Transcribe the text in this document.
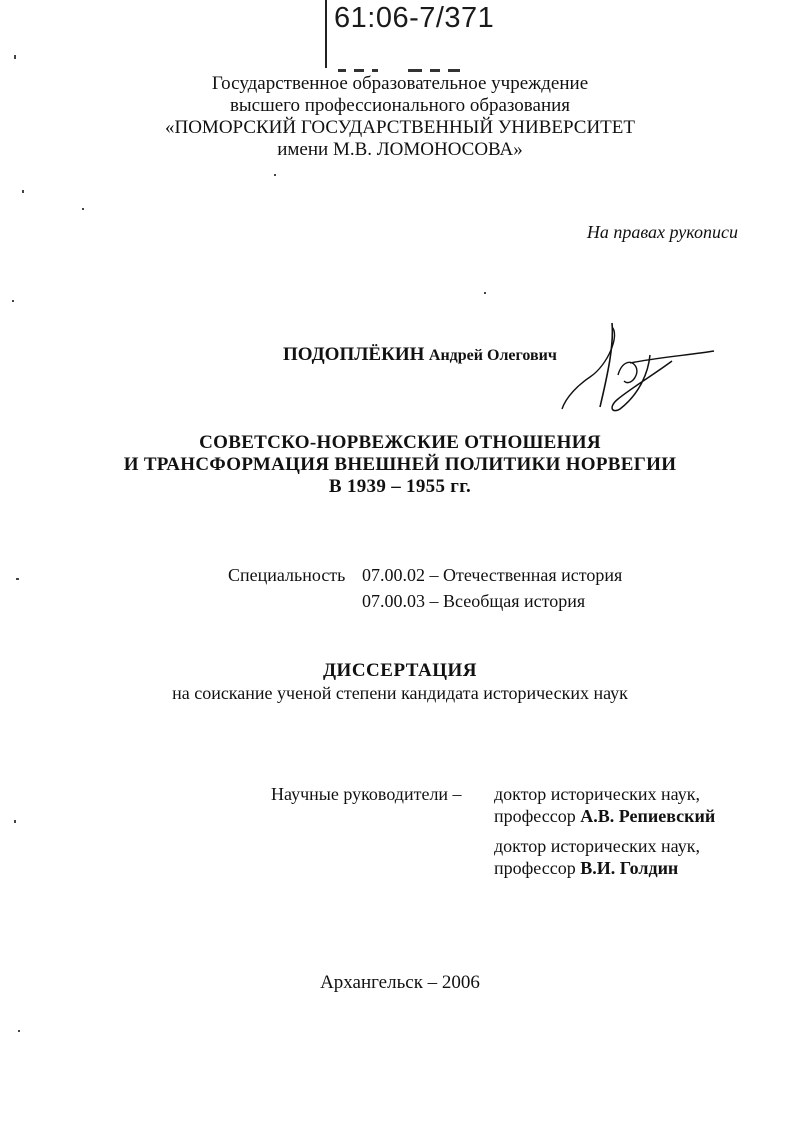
61:06-7/371
Государственное образовательное учреждение
высшего профессионального образования
«ПОМОРСКИЙ ГОСУДАРСТВЕННЫЙ УНИВЕРСИТЕТ
имени М.В. ЛОМОНОСОВА»
На правах рукописи
ПОДОПЛЁКИН Андрей Олегович
СОВЕТСКО-НОРВЕЖСКИЕ ОТНОШЕНИЯ
И ТРАНСФОРМАЦИЯ ВНЕШНЕЙ ПОЛИТИКИ НОРВЕГИИ
В 1939 – 1955 гг.
Специальность 07.00.02 – Отечественная история
07.00.03 – Всеобщая история
ДИССЕРТАЦИЯ
на соискание ученой степени кандидата исторических наук
Научные руководители – доктор исторических наук,
профессор А.В. Репиевский
доктор исторических наук,
профессор В.И. Голдин
Архангельск – 2006
